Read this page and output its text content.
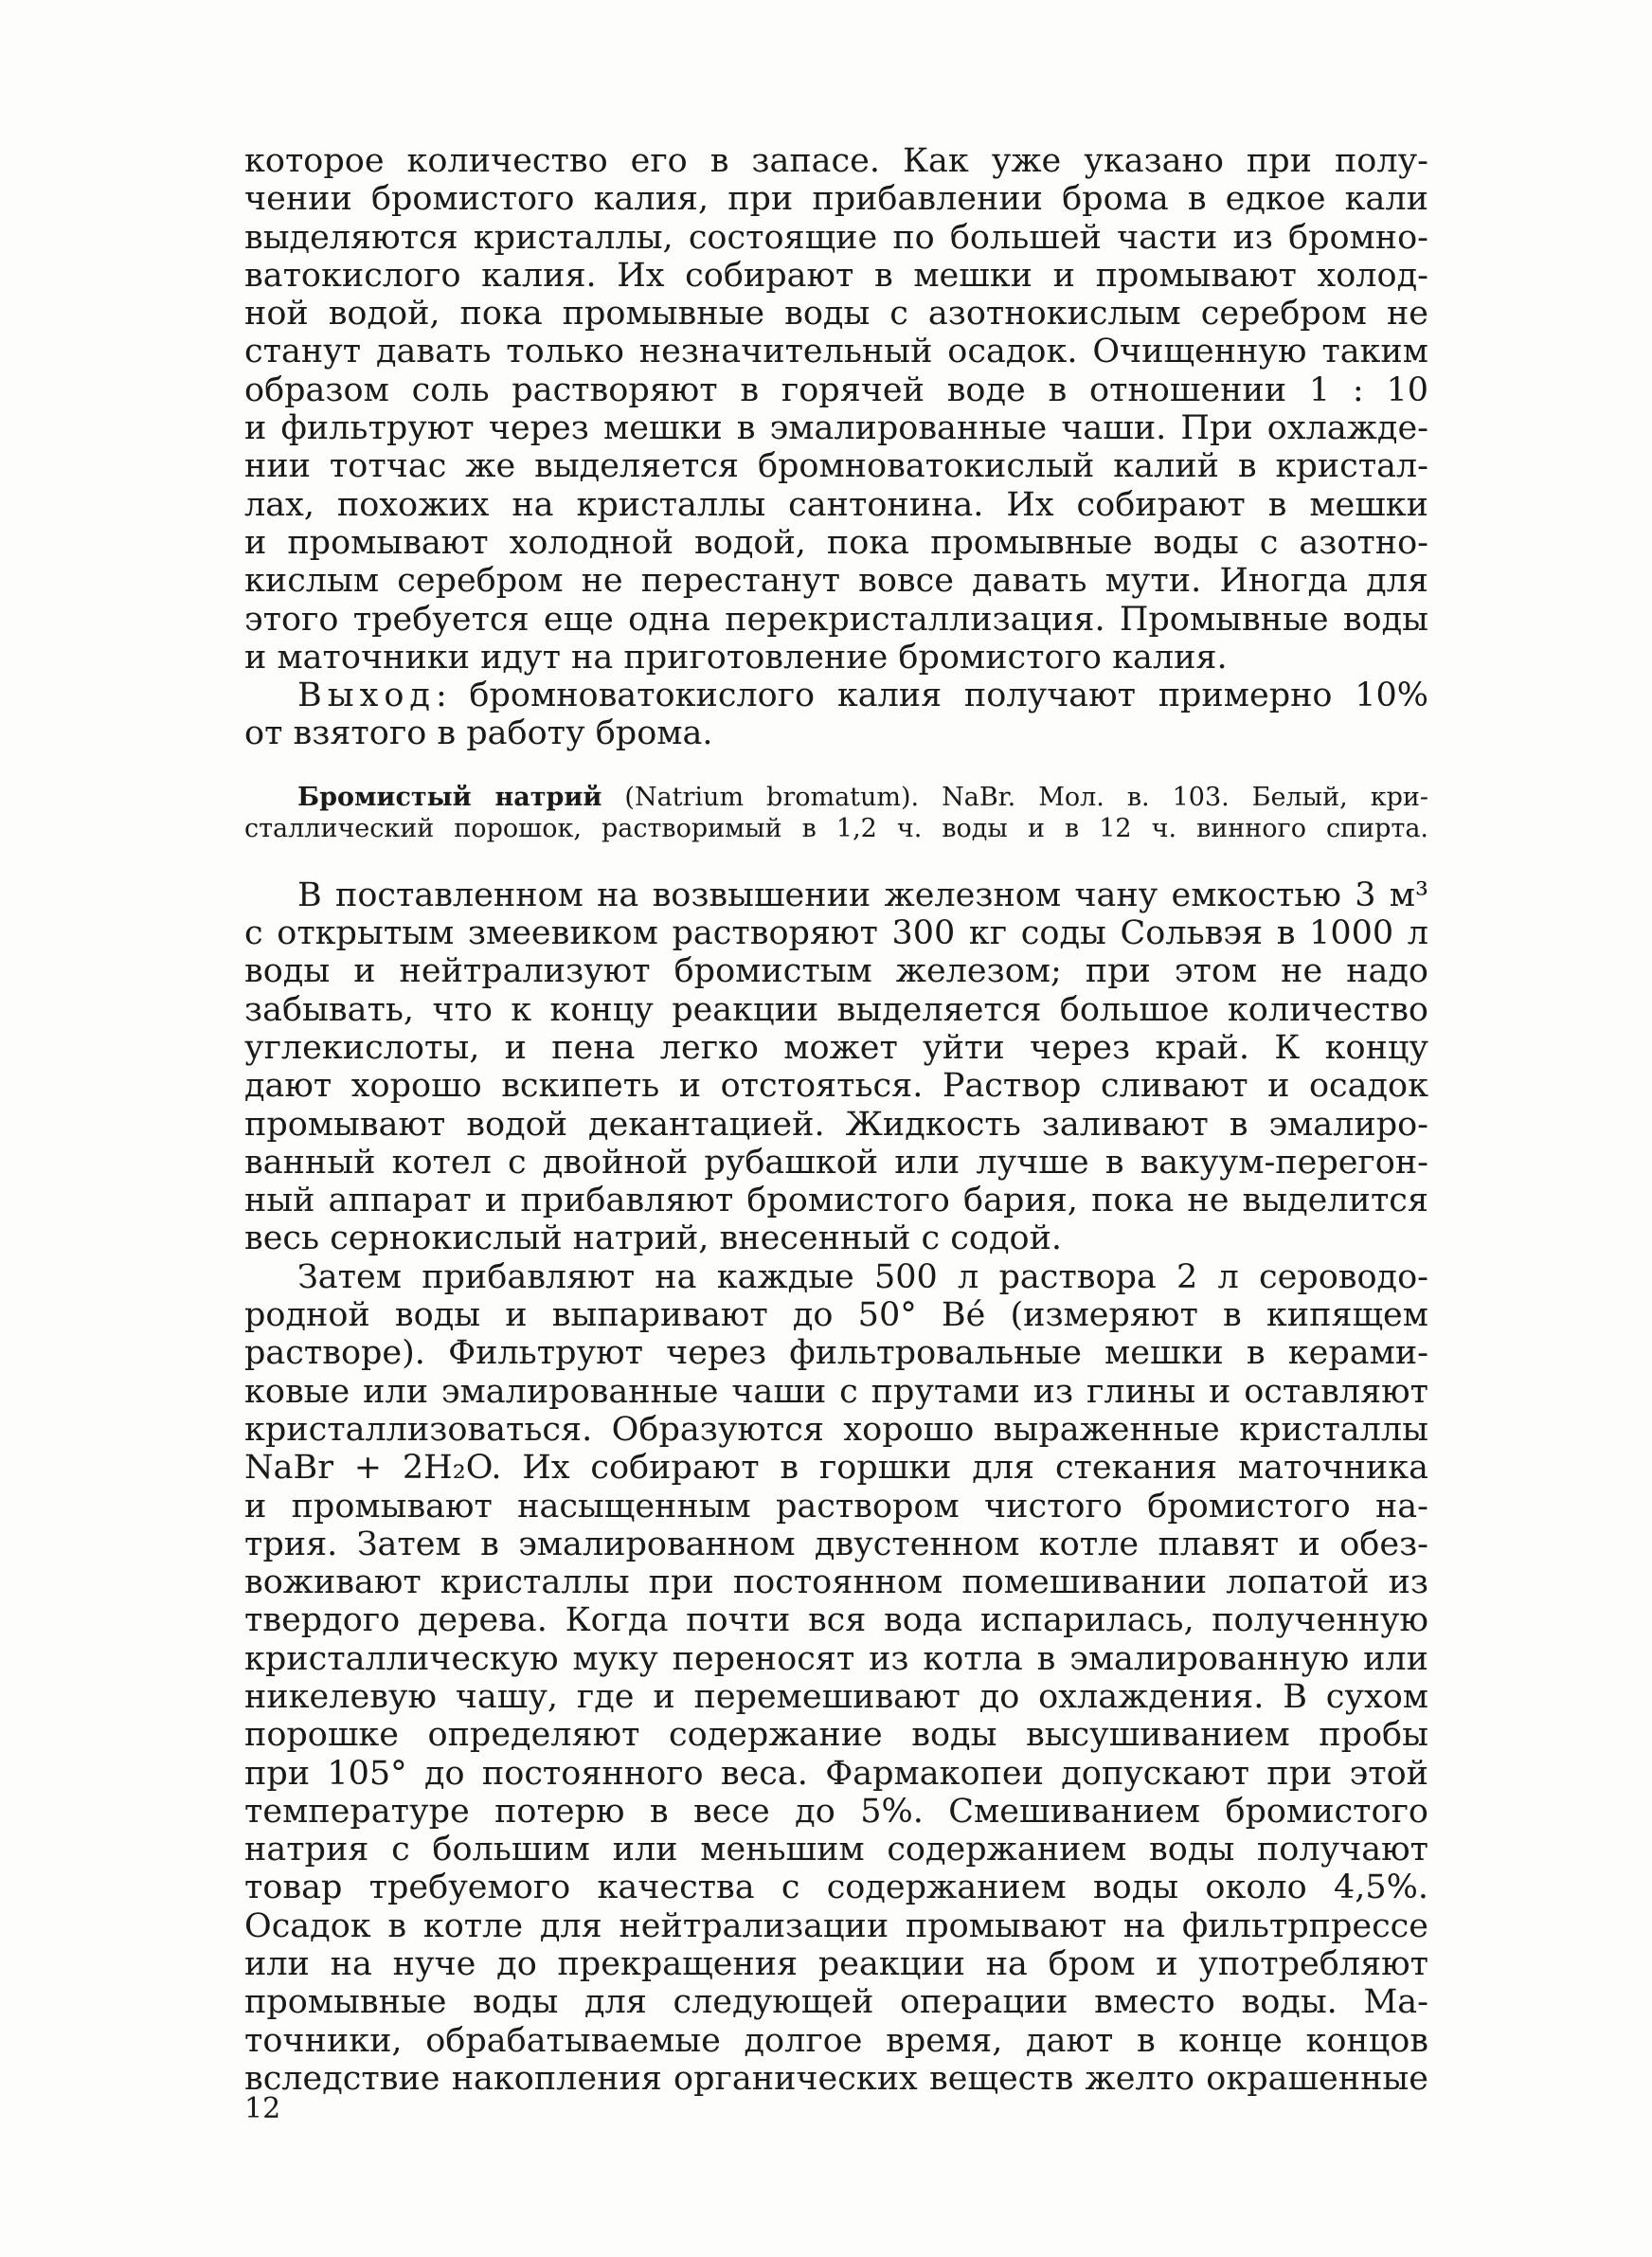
которое количество его в запасе. Как уже указано при полу-
чении бромистого калия, при прибавлении брома в едкое кали
выделяются кристаллы, состоящие по большей части из бромно-
ватокислого калия. Их собирают в мешки и промывают холод-
ной водой, пока промывные воды с азотнокислым серебром не
станут давать только незначительный осадок. Очищенную таким
образом соль растворяют в горячей воде в отношении 1 : 10
и фильтруют через мешки в эмалированные чаши. При охлажде-
нии тотчас же выделяется бромноватокислый калий в кристал-
лах, похожих на кристаллы сантонина. Их собирают в мешки
и промывают холодной водой, пока промывные воды с азотно-
кислым серебром не перестанут вовсе давать мути. Иногда для
этого требуется еще одна перекристаллизация. Промывные воды
и маточники идут на приготовление бромистого калия.
Выход: бромноватокислого калия получают примерно 10%
от взятого в работу брома.
Бромистый натрий (Natrium bromatum). NaBr. Мол. в. 103. Белый, кри-
сталлический порошок, растворимый в 1,2 ч. воды и в 12 ч. винного спирта.
В поставленном на возвышении железном чану емкостью 3 м³
с открытым змеевиком растворяют 300 кг соды Сольвэя в 1000 л
воды и нейтрализуют бромистым железом; при этом не надо
забывать, что к концу реакции выделяется большое количество
углекислоты, и пена легко может уйти через край. К концу
дают хорошо вскипеть и отстояться. Раствор сливают и осадок
промывают водой декантацией. Жидкость заливают в эмалиро-
ванный котел с двойной рубашкой или лучше в вакуум-перегон-
ный аппарат и прибавляют бромистого бария, пока не выделится
весь сернокислый натрий, внесенный с содой.
Затем прибавляют на каждые 500 л раствора 2 л сероводо-
родной воды и выпаривают до 50° Bé (измеряют в кипящем
растворе). Фильтруют через фильтровальные мешки в керами-
ковые или эмалированные чаши с прутами из глины и оставляют
кристаллизоваться. Образуются хорошо выраженные кристаллы
NaBr + 2H₂O. Их собирают в горшки для стекания маточника
и промывают насыщенным раствором чистого бромистого на-
трия. Затем в эмалированном двустенном котле плавят и обез-
воживают кристаллы при постоянном помешивании лопатой из
твердого дерева. Когда почти вся вода испарилась, полученную
кристаллическую муку переносят из котла в эмалированную или
никелевую чашу, где и перемешивают до охлаждения. В сухом
порошке определяют содержание воды высушиванием пробы
при 105° до постоянного веса. Фармакопеи допускают при этой
температуре потерю в весе до 5%. Смешиванием бромистого
натрия с большим или меньшим содержанием воды получают
товар требуемого качества с содержанием воды около 4,5%.
Осадок в котле для нейтрализации промывают на фильтрпрессе
или на нуче до прекращения реакции на бром и употребляют
промывные воды для следующей операции вместо воды. Ма-
точники, обрабатываемые долгое время, дают в конце концов
вследствие накопления органических веществ желто окрашенные
12
